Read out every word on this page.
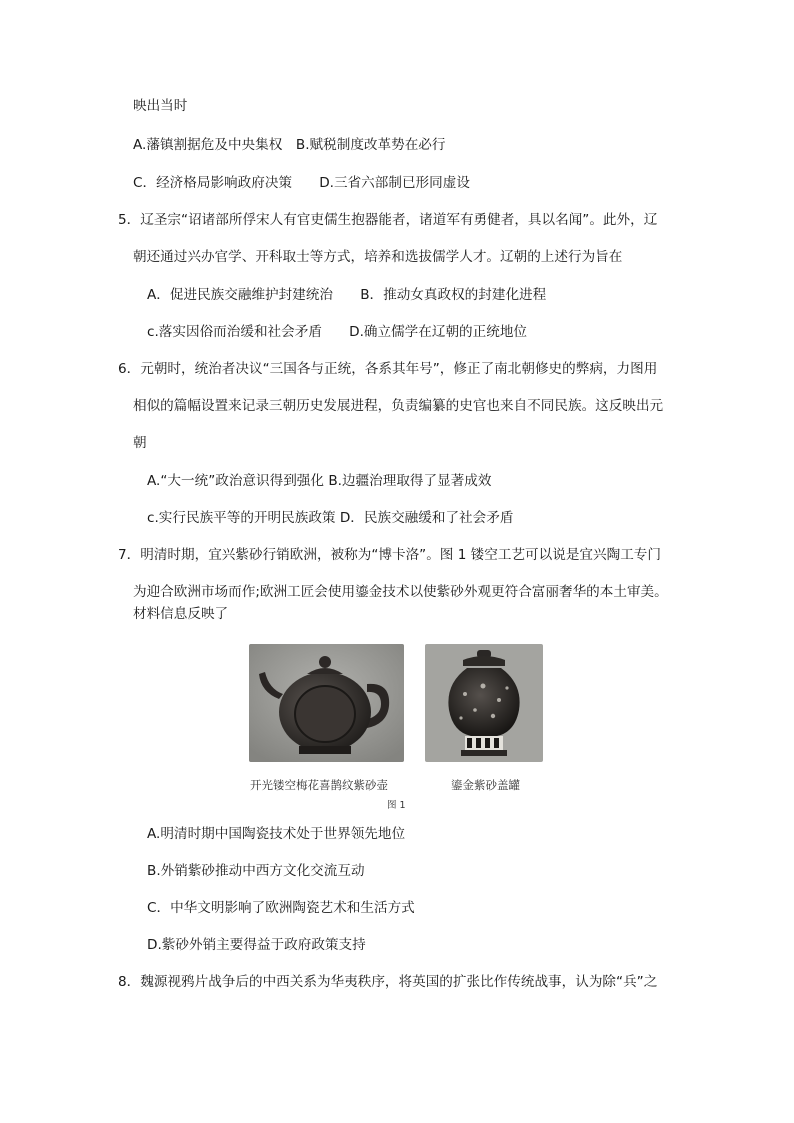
映出当时
A.藩镇割据危及中央集权　B.赋税制度改革势在必行
C．经济格局影响政府决策　　D.三省六部制已形同虚设
5．辽圣宗“诏诸部所俘宋人有官吏儒生抱器能者，诸道军有勇健者，具以名闻”。此外，辽
朝还通过兴办官学、开科取士等方式，培养和选拔儒学人才。辽朝的上述行为旨在
A．促进民族交融维护封建统治　　B．推动女真政权的封建化进程
c.落实因俗而治缓和社会矛盾　　D.确立儒学在辽朝的正统地位
6．元朝时，统治者决议“三国各与正统，各系其年号”，修正了南北朝修史的弊病，力图用
相似的篇幅设置来记录三朝历史发展进程，负责编纂的史官也来自不同民族。这反映出元
朝
A.“大一统”政治意识得到强化 B.边疆治理取得了显著成效
c.实行民族平等的开明民族政策 D．民族交融缓和了社会矛盾
7．明清时期，宜兴紫砂行销欧洲，被称为“博卡洛”。图 1 镂空工艺可以说是宜兴陶工专门
为迎合欧洲市场而作;欧洲工匠会使用鎏金技术以使紫砂外观更符合富丽奢华的本土审美。
材料信息反映了
开光镂空梅花喜鹊纹紫砂壶	鎏金紫砂盖罐
图 1
A.明清时期中国陶瓷技术处于世界领先地位
B.外销紫砂推动中西方文化交流互动
C．中华文明影响了欧洲陶瓷艺术和生活方式
D.紫砂外销主要得益于政府政策支持
8．魏源视鸦片战争后的中西关系为华夷秩序，将英国的扩张比作传统战事，认为除“兵”之
